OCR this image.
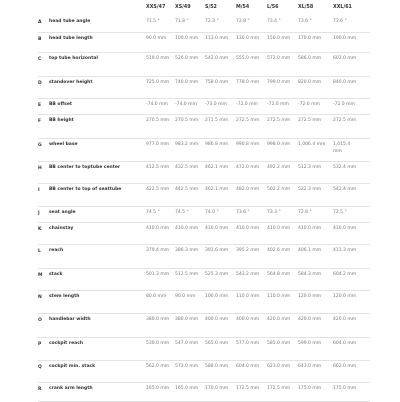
XXS/47 XS/49	S/52	M/54	L/56	XL/58	XXL/61
A head tube angle	71.5 °	71.8 °	72.3 °	72.8 °	73.4 °	73.6 °	73.6 °
B head tube length	90.0 mm	100.0 mm 113.0 mm 130.0 mm 150.0 mm 170.0 mm	190.0 mm
C top tube horizontal	519.0 mm 526.0 mm 542.0 mm 555.0 mm 572.0 mm 586.0 mm	602.0 mm
D standover height	725.0 mm 740.0 mm 758.0 mm 778.0 mm 799.0 mm 820.0 mm	840.0 mm
E BB offset	-74.0 mm	-74.0 mm	-73.0 mm	-72.0 mm	-72.0 mm	-72.0 mm	-72.0 mm
F BB height	270.5 mm 270.5 mm 271.5 mm 272.5 mm 272.5 mm 272.5 mm	272.5 mm
G wheel base	977.0 mm 983.2 mm 986.8 mm 990.8 mm 998.0 mm 1,006.4 mm	1,015.4 mm
H BB center to toptube center	412.5 mm 432.5 mm 462.1 mm 472.0 mm 492.2 mm 512.3 mm	532.4 mm
I BB center to top of seattube	422.5 mm 442.5 mm 462.1 mm 482.0 mm 502.2 mm 522.3 mm	542.4 mm
J seat angle	74.5 °	74.5 °	74.0 °	73.6 °	73.3 °	72.8 °	72.5 °
K chainstay	410.0 mm 410.0 mm 410.0 mm 410.0 mm 410.0 mm 410.0 mm	410.0 mm
L reach	379.4 mm 386.3 mm 391.6 mm 395.2 mm 402.6 mm 406.1 mm	411.3 mm
M stack	501.3 mm 512.5 mm 525.3 mm 543.2 mm 564.8 mm 584.3 mm	604.2 mm
N stem length	80.0 mm	90.0 mm	100.0 mm 110.0 mm 110.0 mm 120.0 mm	120.0 mm
O handlebar width	380.0 mm 380.0 mm 400.0 mm 400.0 mm 420.0 mm 420.0 mm	420.0 mm
P cockpit reach	530.0 mm 547.0 mm 565.0 mm 577.0 mm 585.0 mm 599.0 mm	604.0 mm
Q cockpit min. stack	562.0 mm 573.0 mm 588.0 mm 604.0 mm 623.0 mm 643.0 mm	662.0 mm
R crank arm length	165.0 mm 165.0 mm 170.0 mm 172.5 mm 172.5 mm 175.0 mm	175.0 mm
